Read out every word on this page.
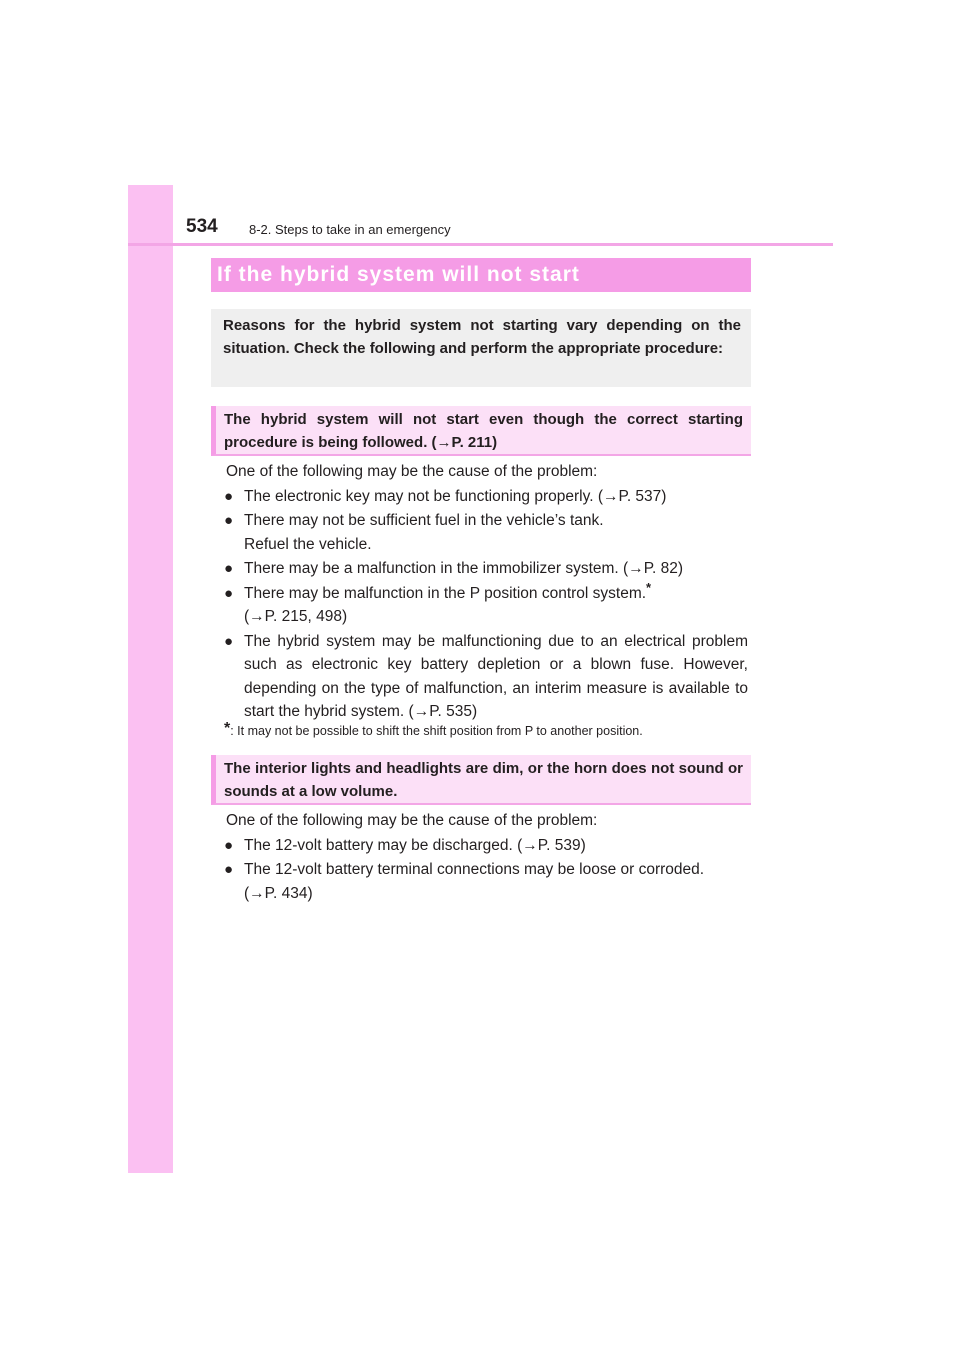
534 8-2. Steps to take in an emergency
If the hybrid system will not start

Reasons for the hybrid system not starting vary depending on the situation. Check the following and perform the appropriate procedure:

The hybrid system will not start even though the correct starting procedure is being followed. (→P. 211)

One of the following may be the cause of the problem:

● The electronic key may not be functioning properly. (→P. 537)
● There may not be sufficient fuel in the vehicle’s tank.
Refuel the vehicle.
● There may be a malfunction in the immobilizer system. (→P. 82)
● There may be malfunction in the P position control system.*
(→P. 215, 498)
● The hybrid system may be malfunctioning due to an electrical problem such as electronic key battery depletion or a blown fuse. However, depending on the type of malfunction, an interim measure is available to start the hybrid system. (→P. 535)
*: It may not be possible to shift the shift position from P to another position.

The interior lights and headlights are dim, or the horn does not sound or sounds at a low volume.

One of the following may be the cause of the problem:

● The 12-volt battery may be discharged. (→P. 539)
● The 12-volt battery terminal connections may be loose or corroded.
(→P. 434)
